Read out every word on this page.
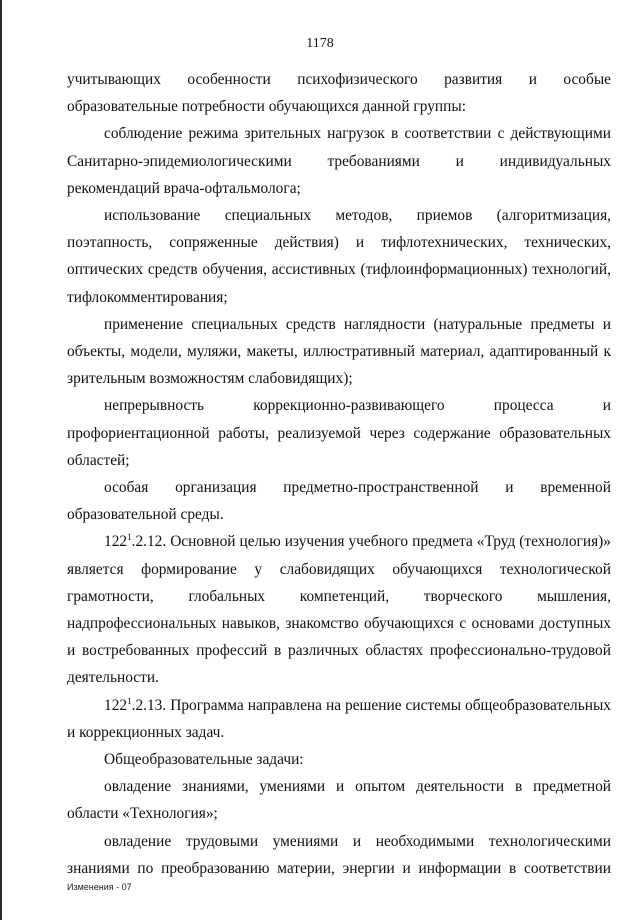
1178

учитывающих особенности психофизического развития и особые образовательные потребности обучающихся данной группы:

соблюдение режима зрительных нагрузок в соответствии с действующими Санитарно-эпидемиологическими требованиями и индивидуальных рекомендаций врача-офтальмолога;

использование специальных методов, приемов (алгоритмизация, поэтапность, сопряженные действия) и тифлотехнических, технических, оптических средств обучения, ассистивных (тифлоинформационных) технологий, тифлокомментирования;

применение специальных средств наглядности (натуральные предметы и объекты, модели, муляжи, макеты, иллюстративный материал, адаптированный к зрительным возможностям слабовидящих);

непрерывность коррекционно-развивающего процесса и профориентационной работы, реализуемой через содержание образовательных областей;

особая организация предметно-пространственной и временной образовательной среды.

$122^1.2.12$. Основной целью изучения учебного предмета «Труд (технология)» является формирование у слабовидящих обучающихся технологической грамотности, глобальных компетенций, творческого мышления, надпрофессиональных навыков, знакомство обучающихся с основами доступных и востребованных профессий в различных областях профессионально-трудовой деятельности.

$122^1.2.13$. Программа направлена на решение системы общеобразовательных и коррекционных задач.

Общеобразовательные задачи:

овладение знаниями, умениями и опытом деятельности в предметной области «Технология»;

овладение трудовыми умениями и необходимыми технологическими знаниями по преобразованию материи, энергии и информации в соответствии

Изменения - 07
